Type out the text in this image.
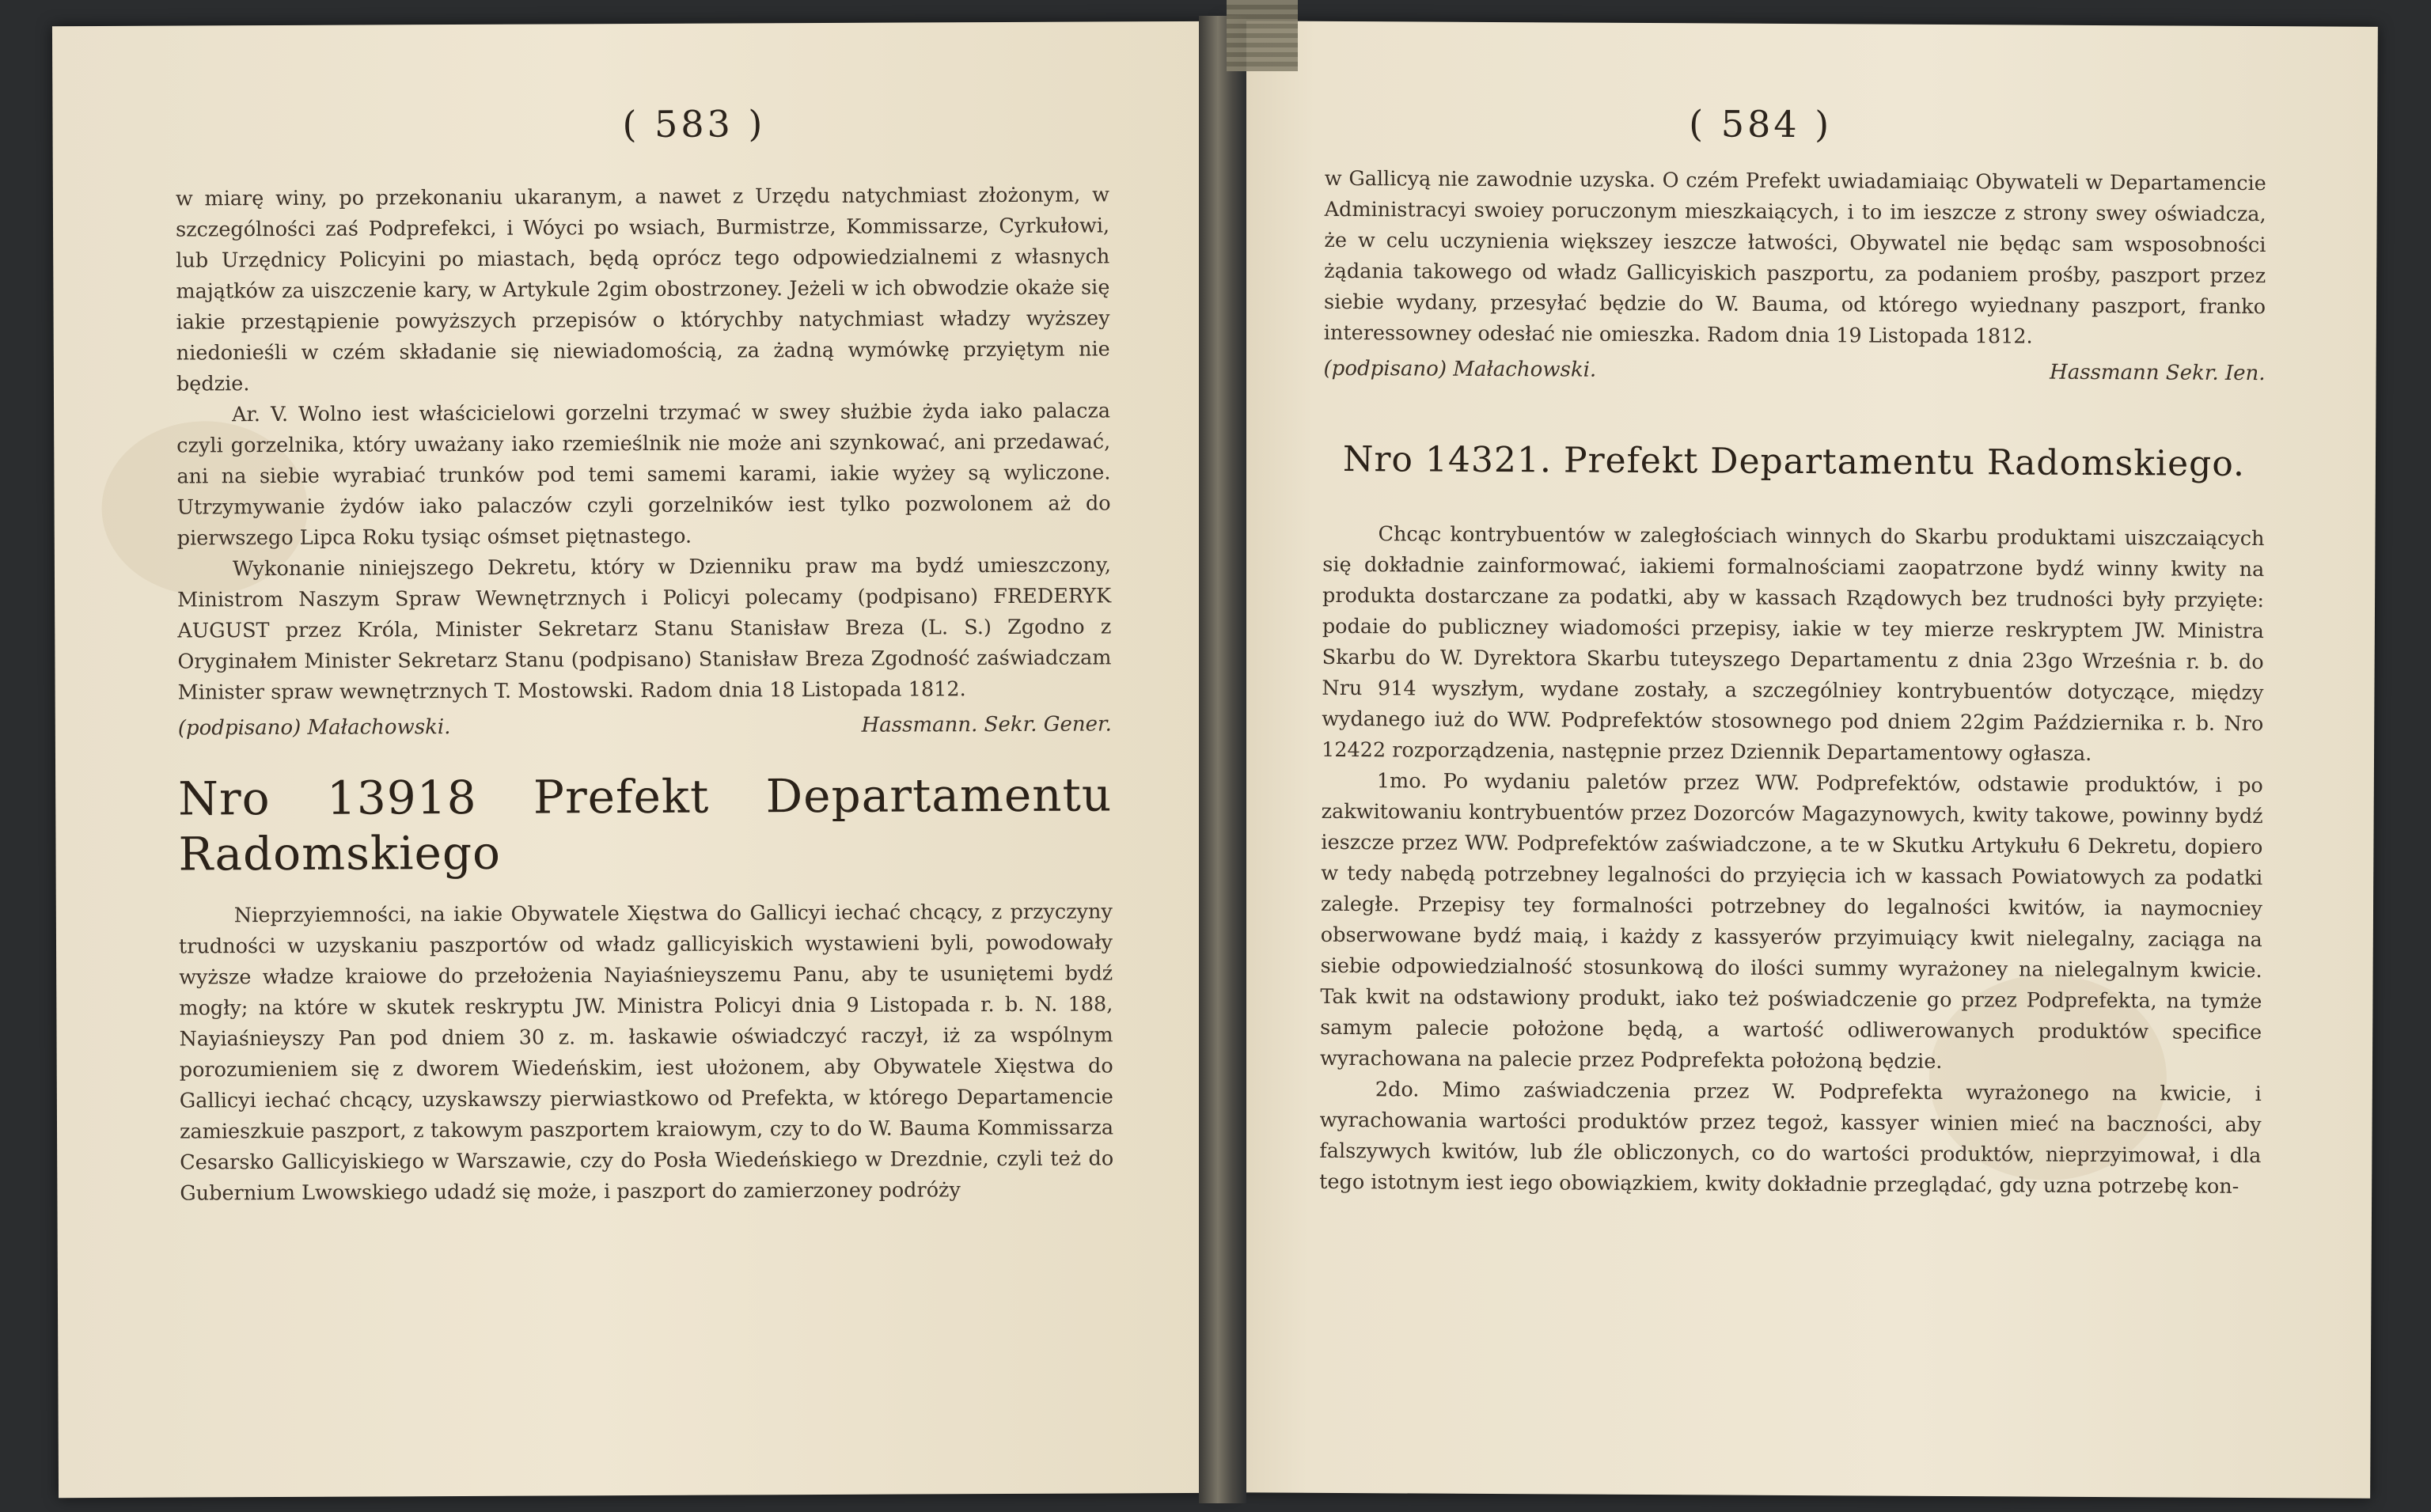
( 583 )

w miarę winy, po przekonaniu ukaranym, a nawet z Urzędu natychmiast złożonym, w szczególności zaś Podprefekci, i Wóyci po wsiach, Burmistrze, Kommissarze, Cyrkułowi, lub Urzędnicy Policyini po miastach, będą oprócz tego odpowiedzialnemi z własnych majątków za uiszczenie kary, w Artykule 2gim obostrzoney. Jeżeli w ich obwodzie okaże się iakie przestąpienie powyższych przepisów o którychby natychmiast władzy wyższey niedonieśli w czém składanie się niewiadomością, za żadną wymówkę przyiętym nie będzie.

Ar. V. Wolno iest właścicielowi gorzelni trzymać w swey służbie żyda iako palacza czyli gorzelnika, który uważany iako rzemieślnik nie może ani szynkować, ani przedawać, ani na siebie wyrabiać trunków pod temi samemi karami, iakie wyżey są wyliczone. Utrzymywanie żydów iako palaczów czyli gorzelników iest tylko pozwolonem aż do pierwszego Lipca Roku tysiąc ośmset piętnastego.

Wykonanie niniejszego Dekretu, który w Dzienniku praw ma bydź umieszczony, Ministrom Naszym Spraw Wewnętrznych i Policyi polecamy (podpisano) FREDERYK AUGUST przez Króla, Minister Sekretarz Stanu Stanisław Breza (L. S.) Zgodno z Oryginałem Minister Sekretarz Stanu (podpisano) Stanisław Breza Zgodność zaświadczam Minister spraw wewnętrznych T. Mostowski. Radom dnia 18 Listopada 1812.

(podpisano) Małachowski.	Hassmann. Sekr. Gener.
Nro 13918 Prefekt Departamentu Radomskiego

Nieprzyiemności, na iakie Obywatele Xięstwa do Gallicyi iechać chcący, z przyczyny trudności w uzyskaniu paszportów od władz gallicyiskich wystawieni byli, powodowały wyższe władze kraiowe do przełożenia Nayiaśnieyszemu Panu, aby te usuniętemi bydź mogły; na które w skutek reskryptu JW. Ministra Policyi dnia 9 Listopada r. b. N. 188, Nayiaśnieyszy Pan pod dniem 30 z. m. łaskawie oświadczyć raczył, iż za wspólnym porozumieniem się z dworem Wiedeńskim, iest ułożonem, aby Obywatele Xięstwa do Gallicyi iechać chcący, uzyskawszy pierwiastkowo od Prefekta, w którego Departamencie zamieszkuie paszport, z takowym paszportem kraiowym, czy to do W. Bauma Kommissarza Cesarsko Gallicyiskiego w Warszawie, czy do Posła Wiedeńskiego w Drezdnie, czyli też do Gubernium Lwowskiego udadź się może, i paszport do zamierzoney podróży

( 584 )

w Gallicyą nie zawodnie uzyska. O czém Prefekt uwiadamiaiąc Obywateli w Departamencie Administracyi swoiey poruczonym mieszkaiących, i to im ieszcze z strony swey oświadcza, że w celu uczynienia większey ieszcze łatwości, Obywatel nie będąc sam wsposobności żądania takowego od władz Gallicyiskich paszportu, za podaniem prośby, paszport przez siebie wydany, przesyłać będzie do W. Bauma, od którego wyiednany paszport, franko interessowney odesłać nie omieszka. Radom dnia 19 Listopada 1812.

(podpisano) Małachowski.	Hassmann Sekr. Ien.
Nro 14321. Prefekt Departamentu Radomskiego.

Chcąc kontrybuentów w zaległościach winnych do Skarbu produktami uiszczaiących się dokładnie zainformować, iakiemi formalnościami zaopatrzone bydź winny kwity na produkta dostarczane za podatki, aby w kassach Rządowych bez trudności były przyięte: podaie do publiczney wiadomości przepisy, iakie w tey mierze reskryptem JW. Ministra Skarbu do W. Dyrektora Skarbu tuteyszego Departamentu z dnia 23go Września r. b. do Nru 914 wyszłym, wydane zostały, a szczególniey kontrybuentów dotyczące, między wydanego iuż do WW. Podprefektów stosownego pod dniem 22gim Października r. b. Nro 12422 rozporządzenia, następnie przez Dziennik Departamentowy ogłasza.

1mo. Po wydaniu paletów przez WW. Podprefektów, odstawie produktów, i po zakwitowaniu kontrybuentów przez Dozorców Magazynowych, kwity takowe, powinny bydź ieszcze przez WW. Podprefektów zaświadczone, a te w Skutku Artykułu 6 Dekretu, dopiero w tedy nabędą potrzebney legalności do przyięcia ich w kassach Powiatowych za podatki zaległe. Przepisy tey formalności potrzebney do legalności kwitów, ia naymocniey obserwowane bydź maią, i każdy z kassyerów przyimuiący kwit nielegalny, zaciąga na siebie odpowiedzialność stosunkową do ilości summy wyrażoney na nielegalnym kwicie. Tak kwit na odstawiony produkt, iako też poświadczenie go przez Podprefekta, na tymże samym palecie położone będą, a wartość odliwerowanych produktów specifice wyrachowana na palecie przez Podprefekta położoną będzie.

2do. Mimo zaświadczenia przez W. Podprefekta wyrażonego na kwicie, i wyrachowania wartości produktów przez tegoż, kassyer winien mieć na baczności, aby falszywych kwitów, lub źle obliczonych, co do wartości produktów, nieprzyimował, i dla tego istotnym iest iego obowiązkiem, kwity dokładnie przeglądać, gdy uzna potrzebę kon-
